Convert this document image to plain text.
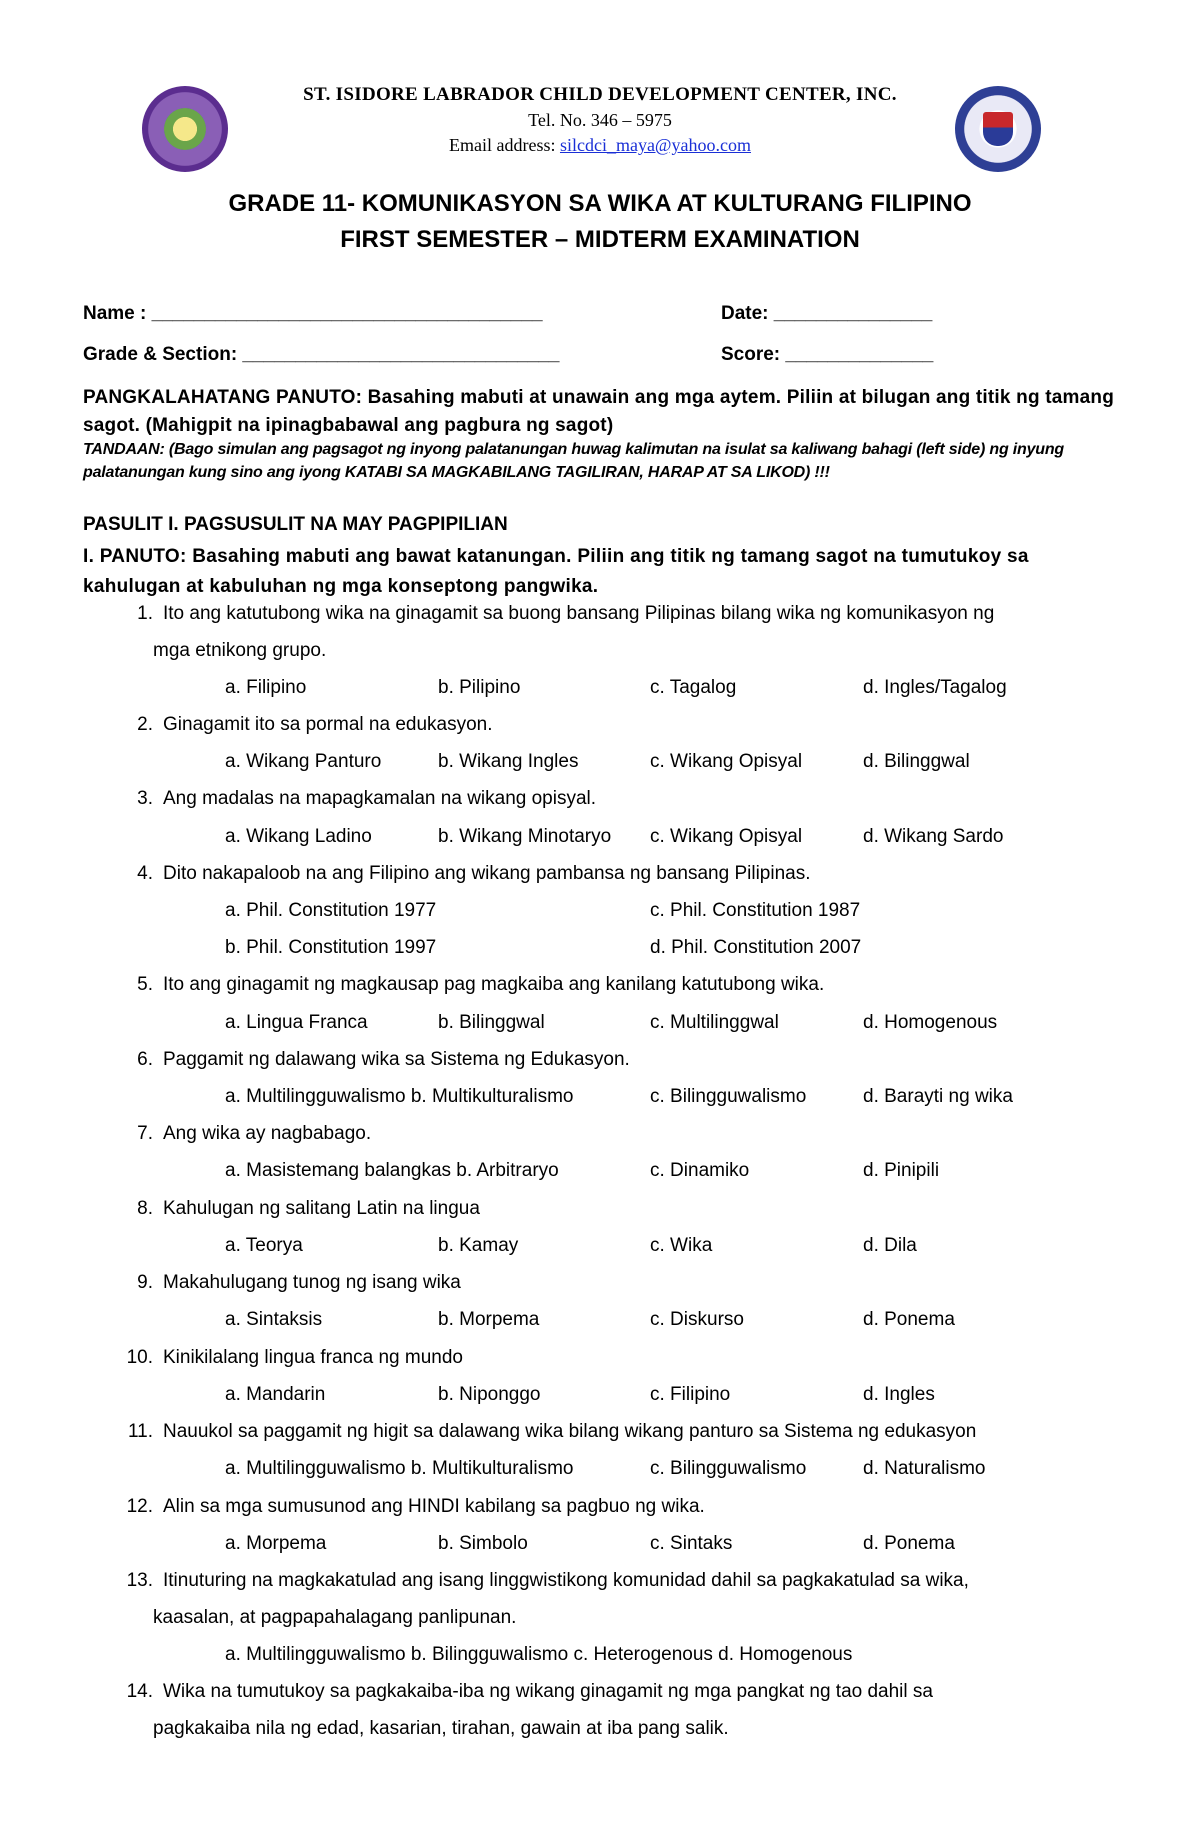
ST. ISIDORE LABRADOR CHILD DEVELOPMENT CENTER, INC.
Tel. No. 346 – 5975
Email address: silcdci_maya@yahoo.com
GRADE 11- KOMUNIKASYON SA WIKA AT KULTURANG FILIPINO
FIRST SEMESTER – MIDTERM EXAMINATION
Name : _____________________________________	Date: _______________
Grade & Section: ______________________________	Score: ______________
PANGKALAHATANG PANUTO: Basahing mabuti at unawain ang mga aytem. Piliin at bilugan ang titik ng tamang sagot. (Mahigpit na ipinagbabawal ang pagbura ng sagot)
TANDAAN: (Bago simulan ang pagsagot ng inyong palatanungan huwag kalimutan na isulat sa kaliwang bahagi (left side) ng inyung palatanungan kung sino ang iyong KATABI SA MAGKABILANG TAGILIRAN, HARAP AT SA LIKOD) !!!
PASULIT I. PAGSUSULIT NA MAY PAGPIPILIAN
I. PANUTO: Basahing mabuti ang bawat katanungan. Piliin ang titik ng tamang sagot na tumutukoy sa kahulugan at kabuluhan ng mga konseptong pangwika.
1. Ito ang katutubong wika na ginagamit sa buong bansang Pilipinas bilang wika ng komunikasyon ng
mga etnikong grupo.
a. Filipino	b. Pilipino	c. Tagalog	d. Ingles/Tagalog
2. Ginagamit ito sa pormal na edukasyon.
a. Wikang Panturo	b. Wikang Ingles	c. Wikang Opisyal	d. Bilinggwal
3. Ang madalas na mapagkamalan na wikang opisyal.
a. Wikang Ladino	b. Wikang Minotaryo c. Wikang Opisyal	d. Wikang Sardo
4. Dito nakapaloob na ang Filipino ang wikang pambansa ng bansang Pilipinas.
a. Phil. Constitution 1977	c. Phil. Constitution 1987
b. Phil. Constitution 1997	d. Phil. Constitution 2007
5. Ito ang ginagamit ng magkausap pag magkaiba ang kanilang katutubong wika.
a. Lingua Franca	b. Bilinggwal	c. Multilinggwal	d. Homogenous
6. Paggamit ng dalawang wika sa Sistema ng Edukasyon.
a. Multilingguwalismo b. Multikulturalismo	c. Bilingguwalismo	d. Barayti ng wika
7. Ang wika ay nagbabago.
a. Masistemang balangkas b. Arbitraryo	c. Dinamiko	d. Pinipili
8. Kahulugan ng salitang Latin na lingua
a. Teorya	b. Kamay	c. Wika	d. Dila
9. Makahulugang tunog ng isang wika
a. Sintaksis	b. Morpema	c. Diskurso	d. Ponema
10. Kinikilalang lingua franca ng mundo
a. Mandarin	b. Niponggo	c. Filipino	d. Ingles
11. Nauukol sa paggamit ng higit sa dalawang wika bilang wikang panturo sa Sistema ng edukasyon
a. Multilingguwalismo b. Multikulturalismo	c. Bilingguwalismo	d. Naturalismo
12. Alin sa mga sumusunod ang HINDI kabilang sa pagbuo ng wika.
a. Morpema	b. Simbolo	c. Sintaks	d. Ponema
13. Itinuturing na magkakatulad ang isang linggwistikong komunidad dahil sa pagkakatulad sa wika,
kaasalan, at pagpapahalagang panlipunan.
a. Multilingguwalismo b. Bilingguwalismo c. Heterogenous d. Homogenous
14. Wika na tumutukoy sa pagkakaiba-iba ng wikang ginagamit ng mga pangkat ng tao dahil sa
pagkakaiba nila ng edad, kasarian, tirahan, gawain at iba pang salik.
